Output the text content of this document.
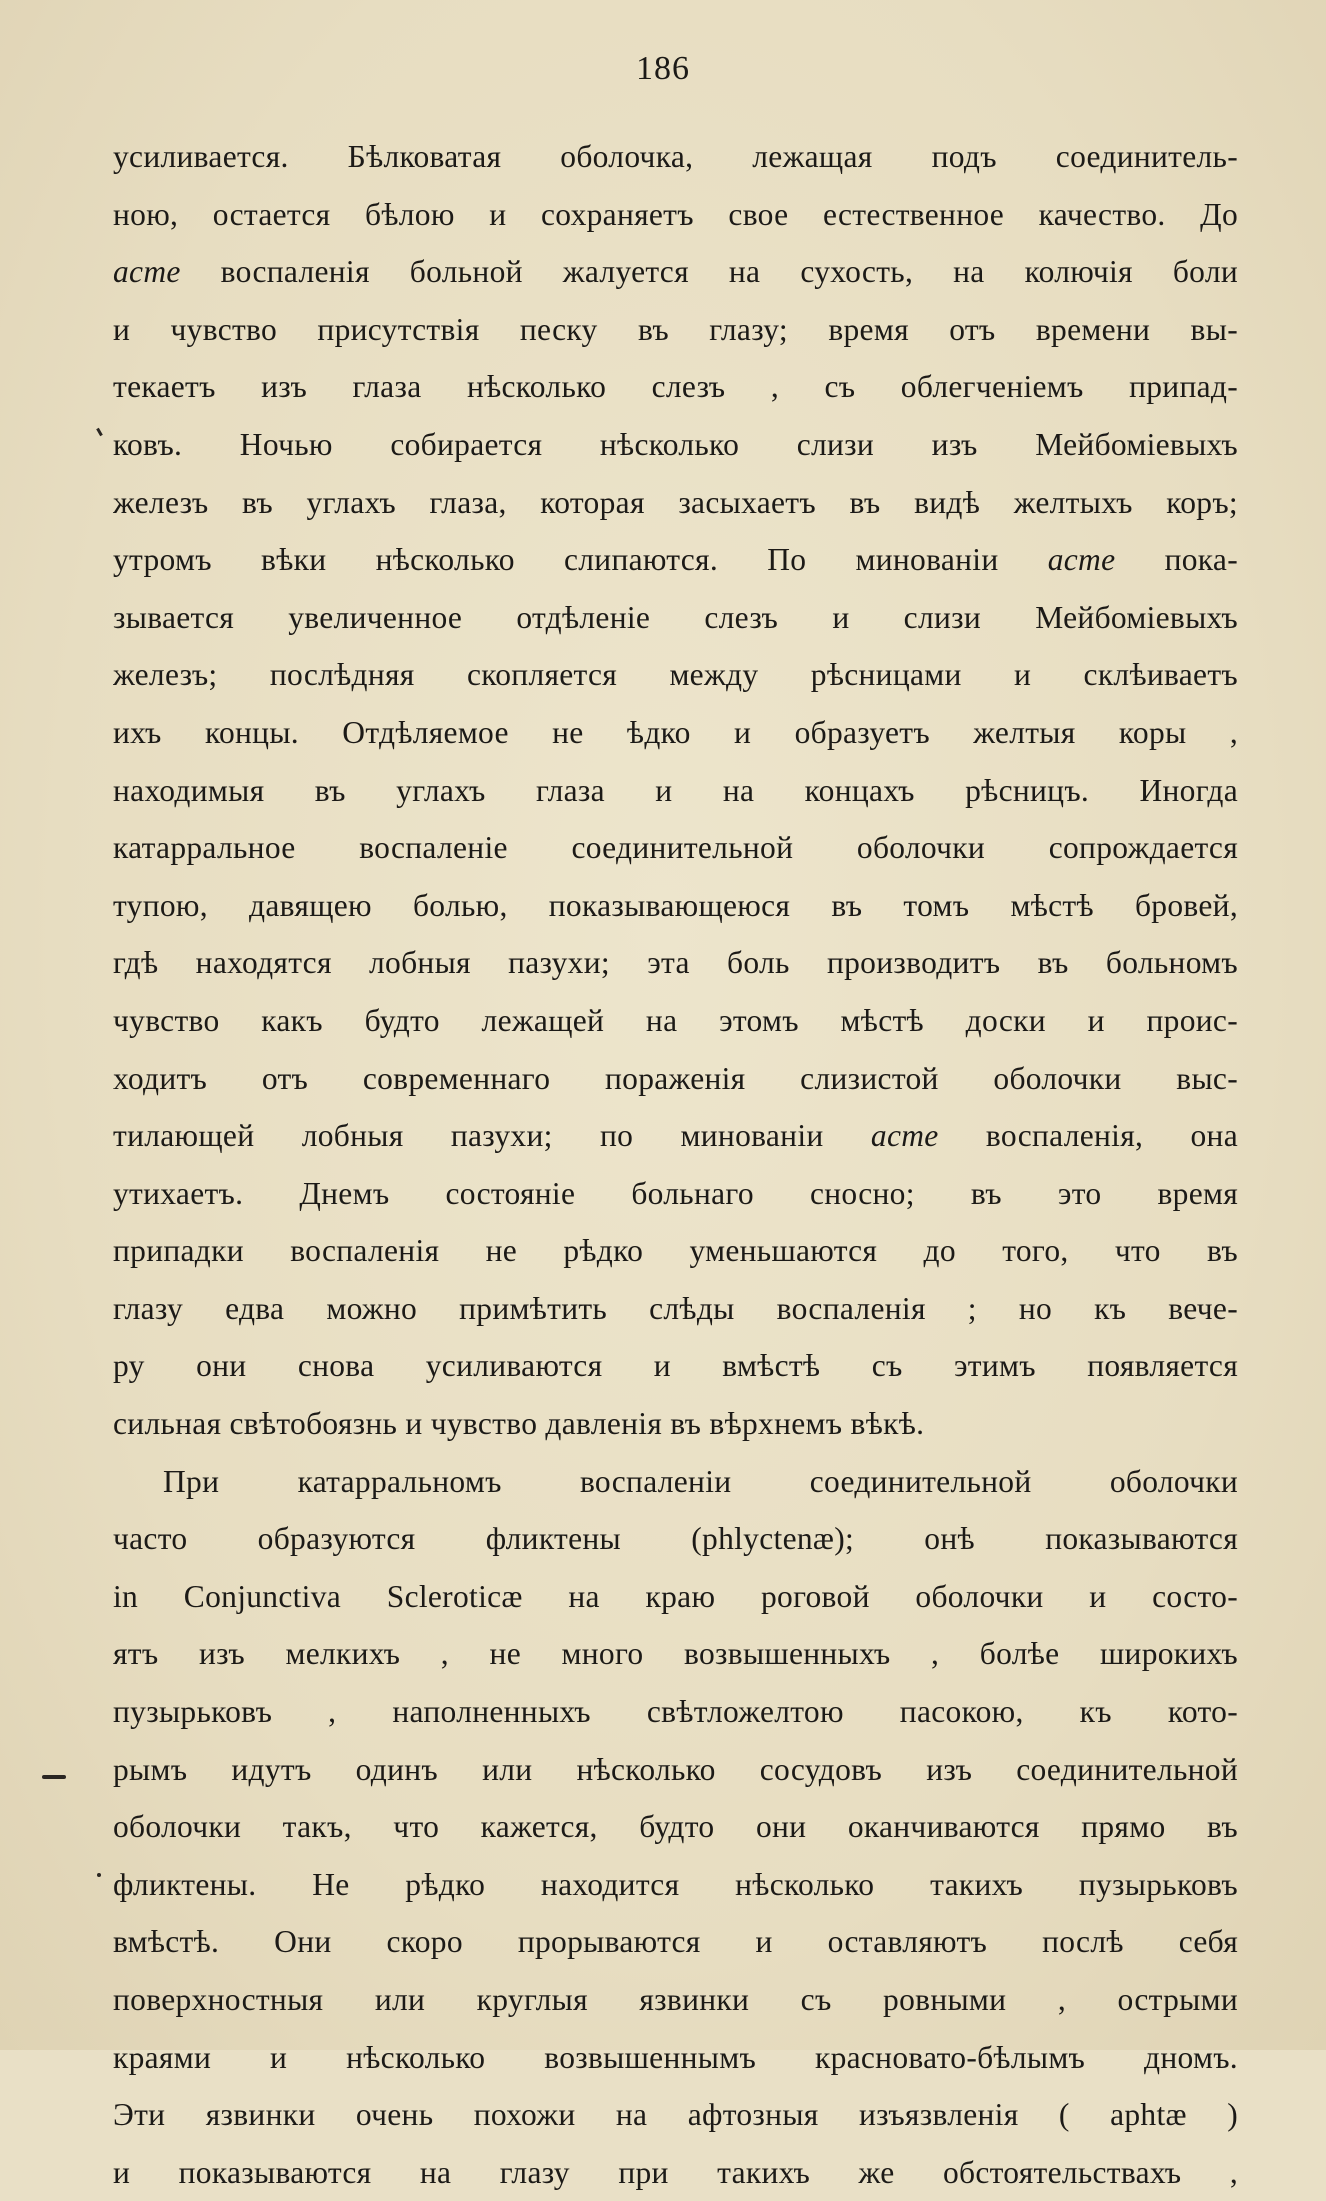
186
усиливается. Бѣлковатая оболочка, лежащая подъ соединитель-
ною, остается бѣлою и сохраняетъ свое естественное качество. До
acme воспаленія больной жалуется на сухость, на колючія боли
и чувство присутствія песку въ глазу; время отъ времени вы-
текаетъ изъ глаза нѣсколько слезъ , съ облегченіемъ припад-
ковъ. Ночью собирается нѣсколько слизи изъ Мейбоміевыхъ
железъ въ углахъ глаза, которая засыхаетъ въ видѣ желтыхъ коръ;
утромъ вѣки нѣсколько слипаются. По минованіи acme пока-
зывается увеличенное отдѣленіе слезъ и слизи Мейбоміевыхъ
железъ; послѣдняя скопляется между рѣсницами и склѣиваетъ
ихъ концы. Отдѣляемое не ѣдко и образуетъ желтыя коры ,
находимыя въ углахъ глаза и на концахъ рѣсницъ. Иногда
катарральное воспаленіе соединительной оболочки сопрождается
тупою, давящею болью, показывающеюся въ томъ мѣстѣ бровей,
гдѣ находятся лобныя пазухи; эта боль производитъ въ больномъ
чувство какъ будто лежащей на этомъ мѣстѣ доски и проис-
ходитъ отъ современнаго пораженія слизистой оболочки выс-
тилающей лобныя пазухи; по минованіи acme воспаленія, она
утихаетъ. Днемъ состояніе больнаго сносно; въ это время
припадки воспаленія не рѣдко уменьшаются до того, что въ
глазу едва можно примѣтить слѣды воспаленія ; но къ вече-
ру они снова усиливаются и вмѣстѣ съ этимъ появляется
сильная свѣтобоязнь и чувство давленія въ вѣрхнемъ вѣкѣ.
При катарральномъ воспаленіи соединительной оболочки
часто образуются фликтены (phlyctenæ); онѣ показываются
in Conjunctiva Scleroticæ на краю роговой оболочки и состо-
ятъ изъ мелкихъ , не много возвышенныхъ , болѣе широкихъ
пузырьковъ , наполненныхъ свѣтложелтою пасокою, къ кото-
рымъ идутъ одинъ или нѣсколько сосудовъ изъ соединительной
оболочки такъ, что кажется, будто они оканчиваются прямо въ
фликтены. Не рѣдко находится нѣсколько такихъ пузырьковъ
вмѣстѣ. Они скоро прорываются и оставляютъ послѣ себя
поверхностныя или круглыя язвинки съ ровными , острыми
краями и нѣсколько возвышеннымъ красновато-бѣлымъ дномъ.
Эти язвинки очень похожи на афтозныя изъязвленія ( aphtæ )
и показываются на глазу при такихъ же обстоятельствахъ ,
